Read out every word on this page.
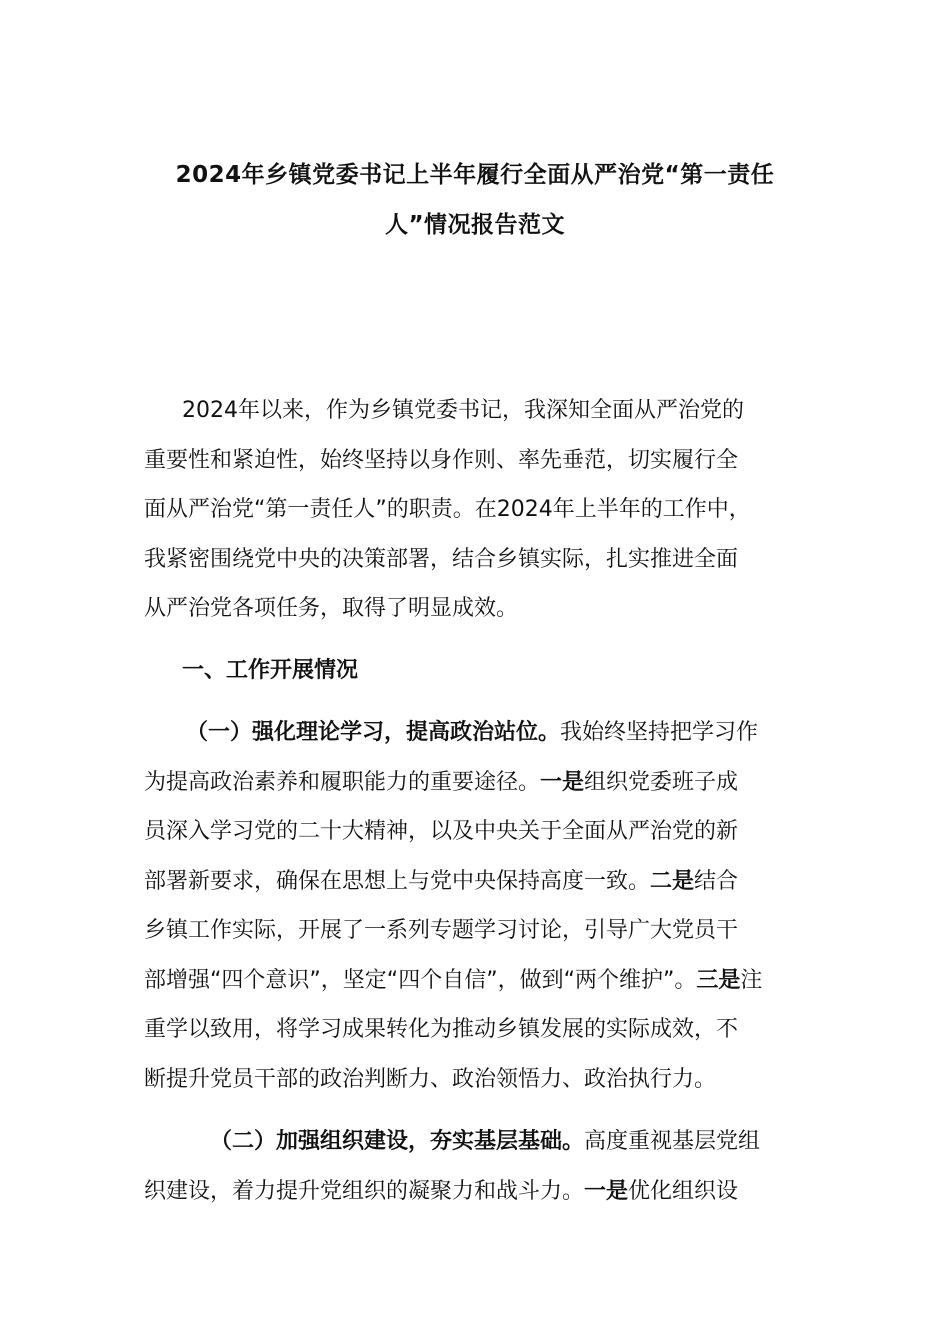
2024年乡镇党委书记上半年履行全面从严治党“第一责任
人”情况报告范文
2024年以来，作为乡镇党委书记，我深知全面从严治党的
重要性和紧迫性，始终坚持以身作则、率先垂范，切实履行全
面从严治党“第一责任人”的职责。在2024年上半年的工作中，
我紧密围绕党中央的决策部署，结合乡镇实际，扎实推进全面
从严治党各项任务，取得了明显成效。
一、工作开展情况
（一）强化理论学习，提高政治站位。我始终坚持把学习作
为提高政治素养和履职能力的重要途径。一是组织党委班子成
员深入学习党的二十大精神，以及中央关于全面从严治党的新
部署新要求，确保在思想上与党中央保持高度一致。二是结合
乡镇工作实际，开展了一系列专题学习讨论，引导广大党员干
部增强“四个意识”，坚定“四个自信”，做到“两个维护”。三是注
重学以致用，将学习成果转化为推动乡镇发展的实际成效，不
断提升党员干部的政治判断力、政治领悟力、政治执行力。
（二）加强组织建设，夯实基层基础。高度重视基层党组
织建设，着力提升党组织的凝聚力和战斗力。一是优化组织设
